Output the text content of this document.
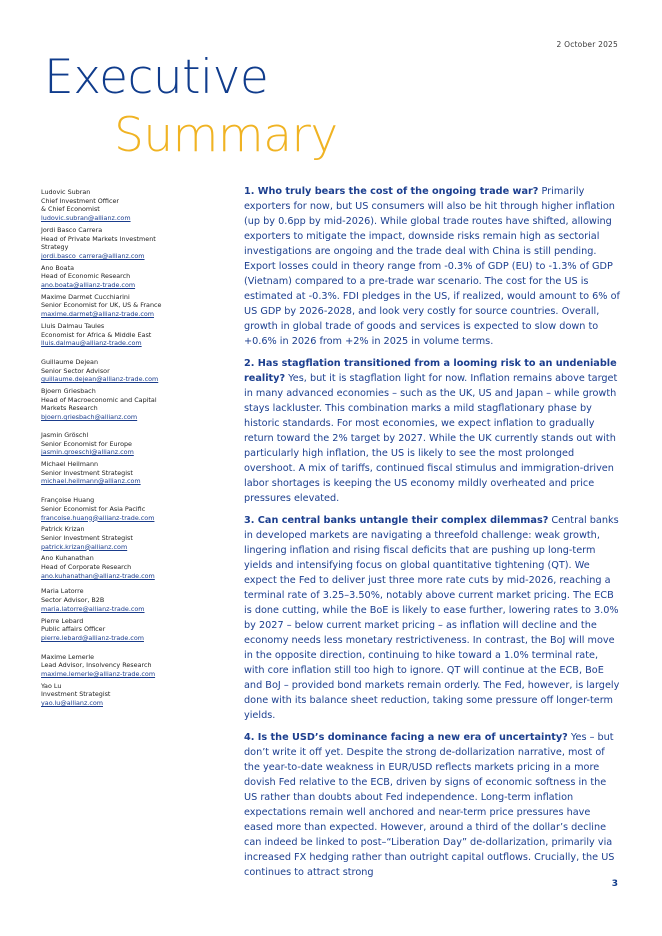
2 October 2025
Executive
Summary
Ludovic Subran
Chief Investment Officer
& Chief Economist
ludovic.subran@allianz.com
Jordi Basco Carrera
Head of Private Markets Investment
Strategy
jordi.basco_carrera@allianz.com
Ano Boata
Head of Economic Research
ano.boata@allianz-trade.com
Maxime Darmet Cucchiarini
Senior Economist for UK, US & France
maxime.darmet@allianz-trade.com
Lluis Dalmau Taules
Economist for Africa & Middle East
lluis.dalmau@allianz-trade.com
Guillaume Dejean
Senior Sector Advisor
guillaume.dejean@allianz-trade.com
Bjoern Griesbach
Head of Macroeconomic and Capital
Markets Research
bjoern.griesbach@allianz.com
Jasmin Gröschl
Senior Economist for Europe
jasmin.groeschl@allianz.com
Michael Heilmann
Senior Investment Strategist
michael.heilmann@allianz.com
Françoise Huang
Senior Economist for Asia Pacific
francoise.huang@allianz-trade.com
Patrick Krizan
Senior Investment Strategist
patrick.krizan@allianz.com
Ano Kuhanathan
Head of Corporate Research
ano.kuhanathan@allianz-trade.com
Maria Latorre
Sector Advisor, B2B
maria.latorre@allianz-trade.com
Pierre Lebard
Public affairs Officer
pierre.lebard@allianz-trade.com
Maxime Lemerle
Lead Advisor, Insolvency Research
maxime.lemerle@allianz-trade.com
Yao Lu
Investment Strategist
yao.lu@allianz.com

1. Who truly bears the cost of the ongoing trade war? Primarily exporters for now, but US consumers will also be hit through higher inflation (up by 0.6pp by mid-2026). While global trade routes have shifted, allowing exporters to mitigate the impact, downside risks remain high as sectorial investigations are ongoing and the trade deal with China is still pending. Export losses could in theory range from -0.3% of GDP (EU) to -1.3% of GDP (Vietnam) compared to a pre-trade war scenario. The cost for the US is estimated at -0.3%. FDI pledges in the US, if realized, would amount to 6% of US GDP by 2026-2028, and look very costly for source countries. Overall, growth in global trade of goods and services is expected to slow down to +0.6% in 2026 from +2% in 2025 in volume terms.

2. Has stagflation transitioned from a looming risk to an undeniable reality? Yes, but it is stagflation light for now. Inflation remains above target in many advanced economies – such as the UK, US and Japan – while growth stays lackluster. This combination marks a mild stagflationary phase by historic standards. For most economies, we expect inflation to gradually return toward the 2% target by 2027. While the UK currently stands out with particularly high inflation, the US is likely to see the most prolonged overshoot. A mix of tariffs, continued fiscal stimulus and immigration-driven labor shortages is keeping the US economy mildly overheated and price pressures elevated.

3. Can central banks untangle their complex dilemmas? Central banks in developed markets are navigating a threefold challenge: weak growth, lingering inflation and rising fiscal deficits that are pushing up long-term yields and intensifying focus on global quantitative tightening (QT). We expect the Fed to deliver just three more rate cuts by mid-2026, reaching a terminal rate of 3.25–3.50%, notably above current market pricing. The ECB is done cutting, while the BoE is likely to ease further, lowering rates to 3.0% by 2027 – below current market pricing – as inflation will decline and the economy needs less monetary restrictiveness. In contrast, the BoJ will move in the opposite direction, continuing to hike toward a 1.0% terminal rate, with core inflation still too high to ignore. QT will continue at the ECB, BoE and BoJ – provided bond markets remain orderly. The Fed, however, is largely done with its balance sheet reduction, taking some pressure off longer-term yields.

4. Is the USD’s dominance facing a new era of uncertainty? Yes – but don’t write it off yet. Despite the strong de-dollarization narrative, most of the year-to-date weakness in EUR/USD reflects markets pricing in a more dovish Fed relative to the ECB, driven by signs of economic softness in the US rather than doubts about Fed independence. Long-term inflation expectations remain well anchored and near-term price pressures have eased more than expected. However, around a third of the dollar’s decline can indeed be linked to post–“Liberation Day” de-dollarization, primarily via increased FX hedging rather than outright capital outflows. Crucially, the US continues to attract strong

3
